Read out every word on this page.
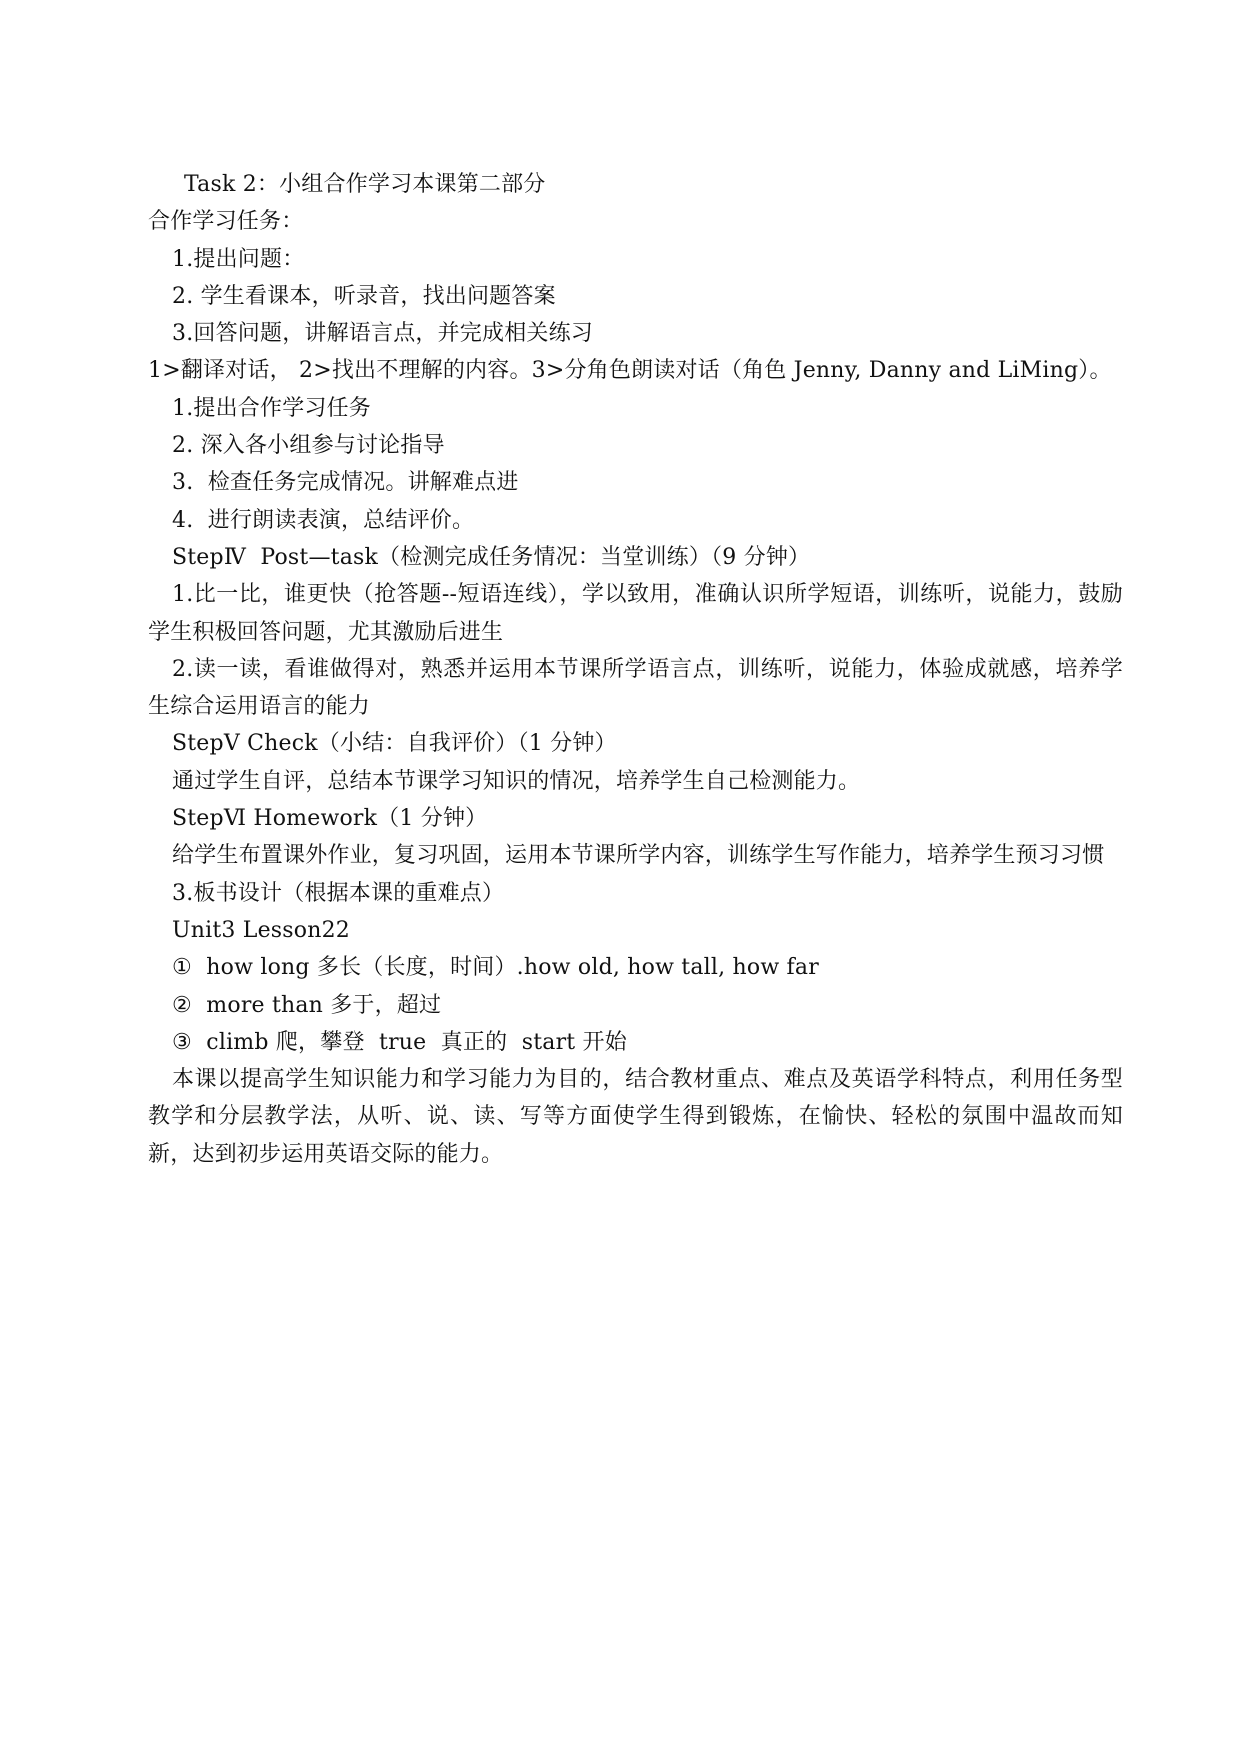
Task 2：小组合作学习本课第二部分
合作学习任务：
1.提出问题：
2. 学生看课本，听录音，找出问题答案
3.回答问题，讲解语言点，并完成相关练习
1>翻译对话， 2>找出不理解的内容。3>分角色朗读对话（角色 Jenny, Danny and LiMing）。
1.提出合作学习任务
2. 深入各小组参与讨论指导
3.  检查任务完成情况。讲解难点进
4.  进行朗读表演，总结评价。
StepⅣ  Post—task（检测完成任务情况：当堂训练）（9 分钟）
1.比一比，谁更快（抢答题--短语连线），学以致用，准确认识所学短语，训练听，说能力，鼓励学生积极回答问题，尤其激励后进生
2.读一读，看谁做得对，熟悉并运用本节课所学语言点，训练听，说能力，体验成就感，培养学生综合运用语言的能力
StepⅤ Check（小结：自我评价）（1 分钟）
通过学生自评，总结本节课学习知识的情况，培养学生自己检测能力。
StepⅥ Homework（1 分钟）
给学生布置课外作业，复习巩固，运用本节课所学内容，训练学生写作能力，培养学生预习习惯
3.板书设计（根据本课的重难点）
Unit3 Lesson22
①  how long 多长（长度，时间）.how old, how tall, how far
②  more than 多于，超过
③  climb 爬，攀登  true  真正的  start 开始
本课以提高学生知识能力和学习能力为目的，结合教材重点、难点及英语学科特点，利用任务型教学和分层教学法，从听、说、读、写等方面使学生得到锻炼，在愉快、轻松的氛围中温故而知新，达到初步运用英语交际的能力。
